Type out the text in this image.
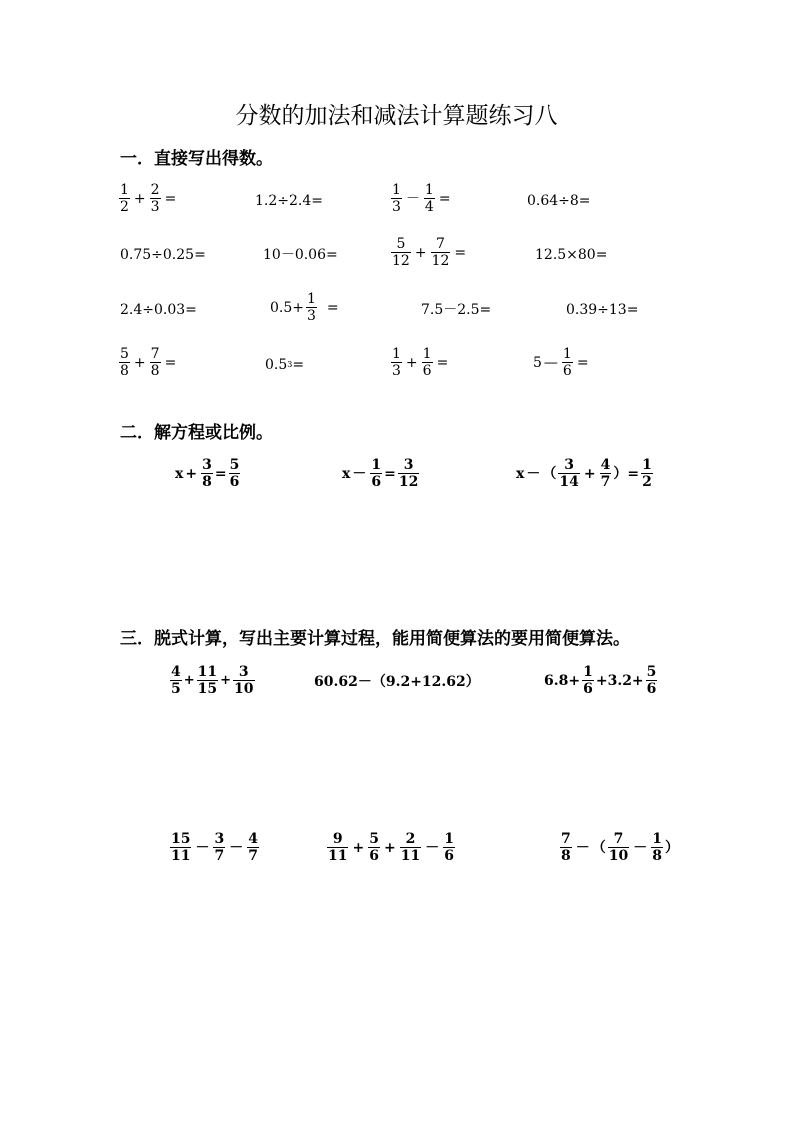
分数的加法和减法计算题练习八
一．直接写出得数。
二．解方程或比例。
三．脱式计算，写出主要计算过程，能用简便算法的要用简便算法。
$\frac{1}{2} + \frac{2}{3}$ =	1.2÷2.4=	$\frac{1}{3} - \frac{1}{4}$ =	0.64÷8=
0.75÷0.25=	10－0.06=	$\frac{5}{12} + \frac{7}{12}$ =	12.5×80=
2.4÷0.03=	$0.5+ \frac{1}{3}$ =	7.5－2.5=	0.39÷13=
$\frac{5}{8} + \frac{7}{8}$ =	0.5 3 =	$\frac{1}{3} + \frac{1}{6}$ =	5 — $\frac{1}{6}$ =
$x + \frac{3}{8} = \frac{5}{6}$	$x - \frac{1}{6} = \frac{3}{12}$	x － （ $\frac{3}{14} + \frac{4}{7}$ ） = $\frac{1}{2}$
$\frac{4}{5} + \frac{11}{15} + \frac{3}{10}$	60.62－（9.2+12.62）	$6.8+ \frac{1}{6} +3.2+ \frac{5}{6}$
$\frac{15}{11} - \frac{3}{7} - \frac{4}{7}$	$\frac{9}{11} + \frac{5}{6} + \frac{2}{11} - \frac{1}{6}$	$\frac{7}{8}$ － （ $\frac{7}{10} - \frac{1}{8}$ ）
